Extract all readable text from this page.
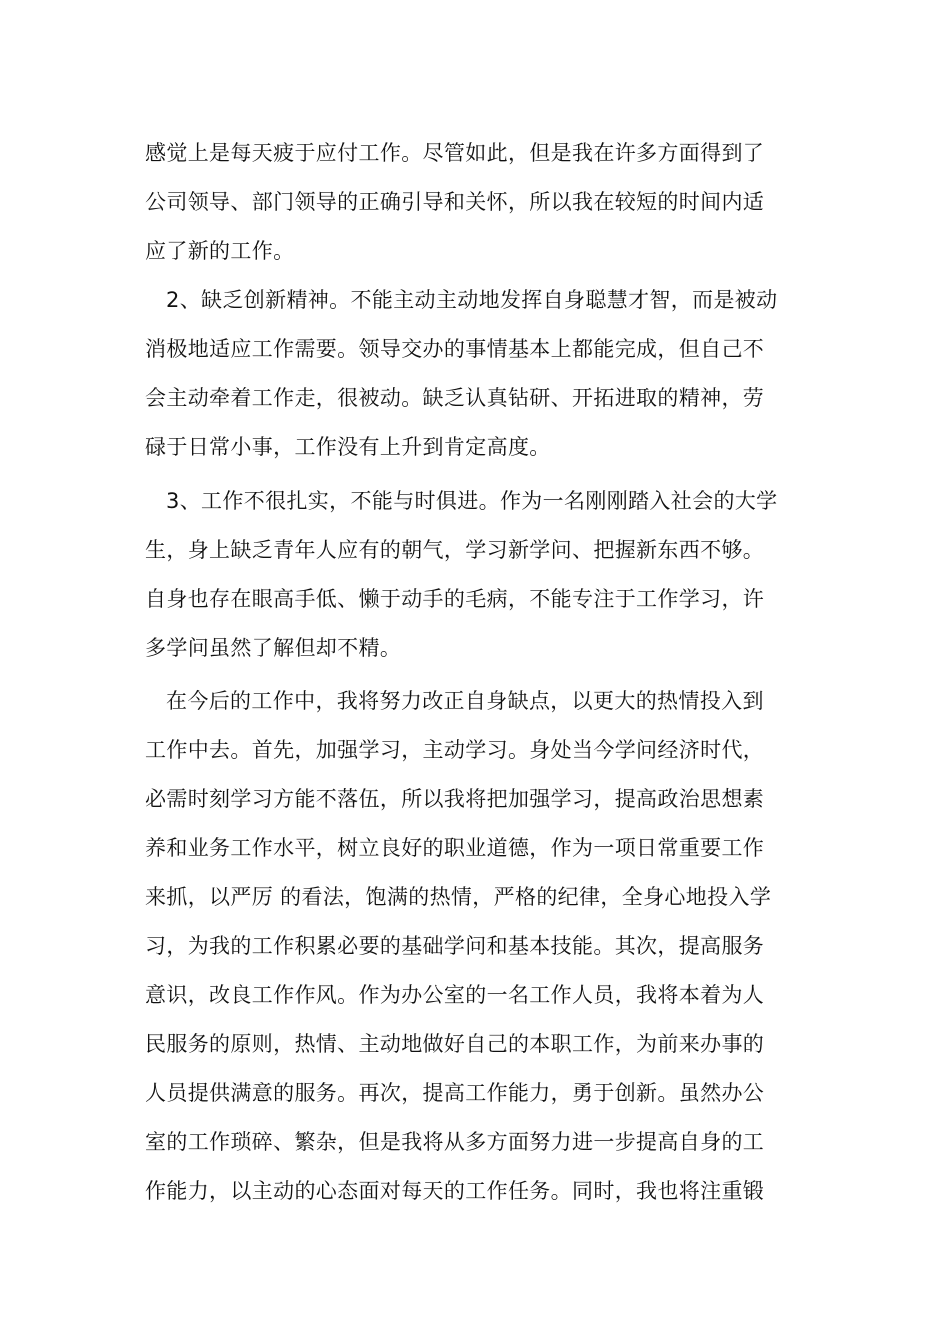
感觉上是每天疲于应付工作。尽管如此，但是我在许多方面得到了
公司领导、部门领导的正确引导和关怀，所以我在较短的时间内适
应了新的工作。
2、缺乏创新精神。不能主动主动地发挥自身聪慧才智，而是被动
消极地适应工作需要。领导交办的事情基本上都能完成，但自己不
会主动牵着工作走，很被动。缺乏认真钻研、开拓进取的精神，劳
碌于日常小事，工作没有上升到肯定高度。
3、工作不很扎实，不能与时俱进。作为一名刚刚踏入社会的大学
生，身上缺乏青年人应有的朝气，学习新学问、把握新东西不够。
自身也存在眼高手低、懒于动手的毛病，不能专注于工作学习，许
多学问虽然了解但却不精。
在今后的工作中，我将努力改正自身缺点，以更大的热情投入到
工作中去。首先，加强学习，主动学习。身处当今学问经济时代，
必需时刻学习方能不落伍，所以我将把加强学习，提高政治思想素
养和业务工作水平，树立良好的职业道德，作为一项日常重要工作
来抓，以严厉 的看法，饱满的热情，严格的纪律，全身心地投入学
习，为我的工作积累必要的基础学问和基本技能。其次，提高服务
意识，改良工作作风。作为办公室的一名工作人员，我将本着为人
民服务的原则，热情、主动地做好自己的本职工作，为前来办事的
人员提供满意的服务。再次，提高工作能力，勇于创新。虽然办公
室的工作琐碎、繁杂，但是我将从多方面努力进一步提高自身的工
作能力，以主动的心态面对每天的工作任务。同时，我也将注重锻
